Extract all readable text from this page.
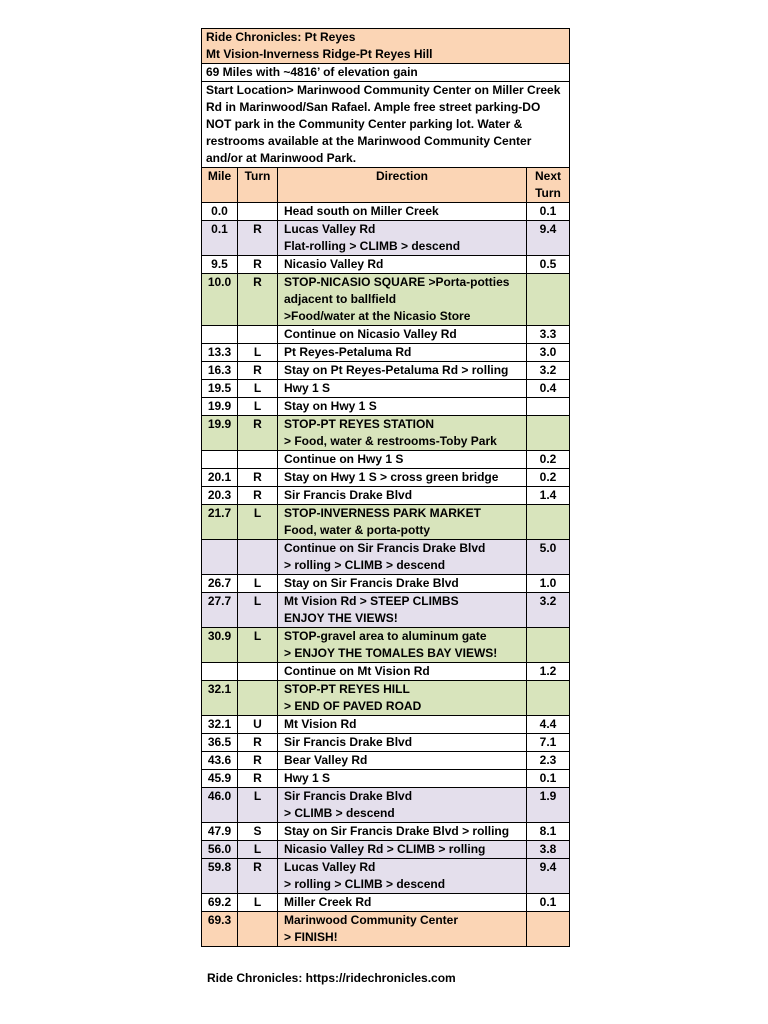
Ride Chronicles: Pt Reyes
Mt Vision-Inverness Ridge-Pt Reyes Hill			

69 Miles with ~4816’ of elevation gain			

Start Location> Marinwood Community Center on Miller Creek
Rd in Marinwood/San Rafael. Ample free street parking-DO
NOT park in the Community Center parking lot. Water &
restrooms available at the Marinwood Community Center
and/or at Marinwood Park.			

Mile	Turn	Direction	Next
Turn

0.0		Head south on Miller Creek	0.1
0.1	R	Lucas Valley Rd
Flat-rolling > CLIMB > descend	9.4
9.5	R	Nicasio Valley Rd	0.5
10.0	R	STOP-NICASIO SQUARE >Porta-potties
adjacent to ballfield
>Food/water at the Nicasio Store	

		Continue on Nicasio Valley Rd	3.3
13.3	L	Pt Reyes-Petaluma Rd	3.0
16.3	R	Stay on Pt Reyes-Petaluma Rd > rolling	3.2
19.5	L	Hwy 1 S	0.4
19.9	L	Stay on Hwy 1 S	

19.9	R	STOP-PT REYES STATION
> Food, water & restrooms-Toby Park	

		Continue on Hwy 1 S	0.2
20.1	R	Stay on Hwy 1 S > cross green bridge	0.2
20.3	R	Sir Francis Drake Blvd	1.4
21.7	L	STOP-INVERNESS PARK MARKET
Food, water & porta-potty	

		Continue on Sir Francis Drake Blvd
> rolling > CLIMB > descend	5.0
26.7	L	Stay on Sir Francis Drake Blvd	1.0
27.7	L	Mt Vision Rd > STEEP CLIMBS
ENJOY THE VIEWS!	3.2
30.9	L	STOP-gravel area to aluminum gate
> ENJOY THE TOMALES BAY VIEWS!	

		Continue on Mt Vision Rd	1.2
32.1		STOP-PT REYES HILL
> END OF PAVED ROAD	

32.1	U	Mt Vision Rd	4.4
36.5	R	Sir Francis Drake Blvd	7.1
43.6	R	Bear Valley Rd	2.3
45.9	R	Hwy 1 S	0.1
46.0	L	Sir Francis Drake Blvd
> CLIMB > descend	1.9
47.9	S	Stay on Sir Francis Drake Blvd > rolling	8.1
56.0	L	Nicasio Valley Rd > CLIMB > rolling	3.8
59.8	R	Lucas Valley Rd
> rolling > CLIMB > descend	9.4
69.2	L	Miller Creek Rd	0.1
69.3		Marinwood Community Center
> FINISH!	

Ride Chronicles: https://ridechronicles.com
